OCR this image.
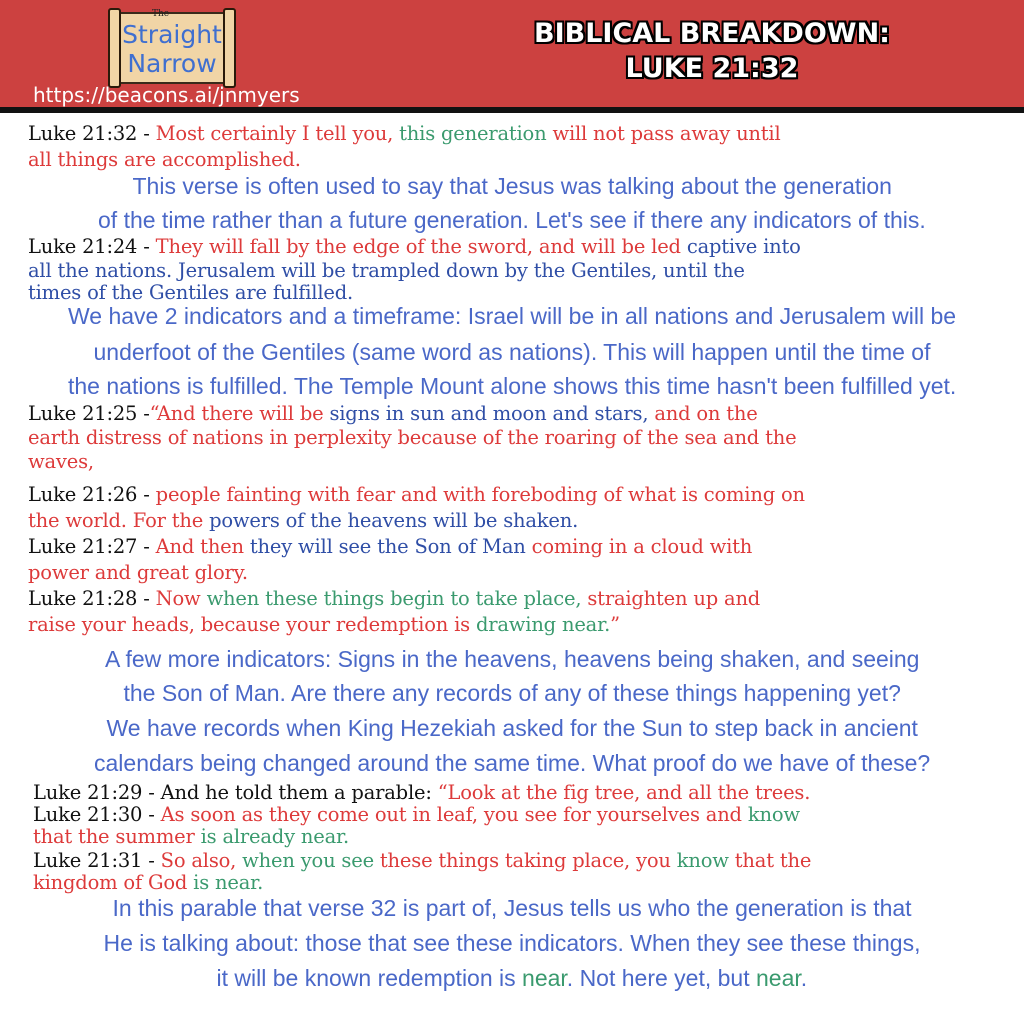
The
Straight
Narrow
https://beacons.ai/jnmyers
BIBLICAL BREAKDOWN:
LUKE 21:32
Luke 21:32 - Most certainly I tell you, this generation will not pass away until
all things are accomplished.
This verse is often used to say that Jesus was talking about the generation
of the time rather than a future generation. Let's see if there any indicators of this.
Luke 21:24 - They will fall by the edge of the sword, and will be led captive into
all the nations. Jerusalem will be trampled down by the Gentiles, until the
times of the Gentiles are fulfilled.
We have 2 indicators and a timeframe: Israel will be in all nations and Jerusalem will be
underfoot of the Gentiles (same word as nations). This will happen until the time of
the nations is fulfilled. The Temple Mount alone shows this time hasn't been fulfilled yet.
Luke 21:25 -“And there will be signs in sun and moon and stars, and on the
earth distress of nations in perplexity because of the roaring of the sea and the
waves,
Luke 21:26 - people fainting with fear and with foreboding of what is coming on
the world. For the powers of the heavens will be shaken.
Luke 21:27 - And then they will see the Son of Man coming in a cloud with
power and great glory.
Luke 21:28 - Now when these things begin to take place, straighten up and
raise your heads, because your redemption is drawing near.”
A few more indicators: Signs in the heavens, heavens being shaken, and seeing
the Son of Man. Are there any records of any of these things happening yet?
We have records when King Hezekiah asked for the Sun to step back in ancient
calendars being changed around the same time. What proof do we have of these?
Luke 21:29 - And he told them a parable: “Look at the fig tree, and all the trees.
Luke 21:30 - As soon as they come out in leaf, you see for yourselves and know
that the summer is already near.
Luke 21:31 - So also, when you see these things taking place, you know that the
kingdom of God is near.
In this parable that verse 32 is part of, Jesus tells us who the generation is that
He is talking about: those that see these indicators. When they see these things,
it will be known redemption is near. Not here yet, but near.
